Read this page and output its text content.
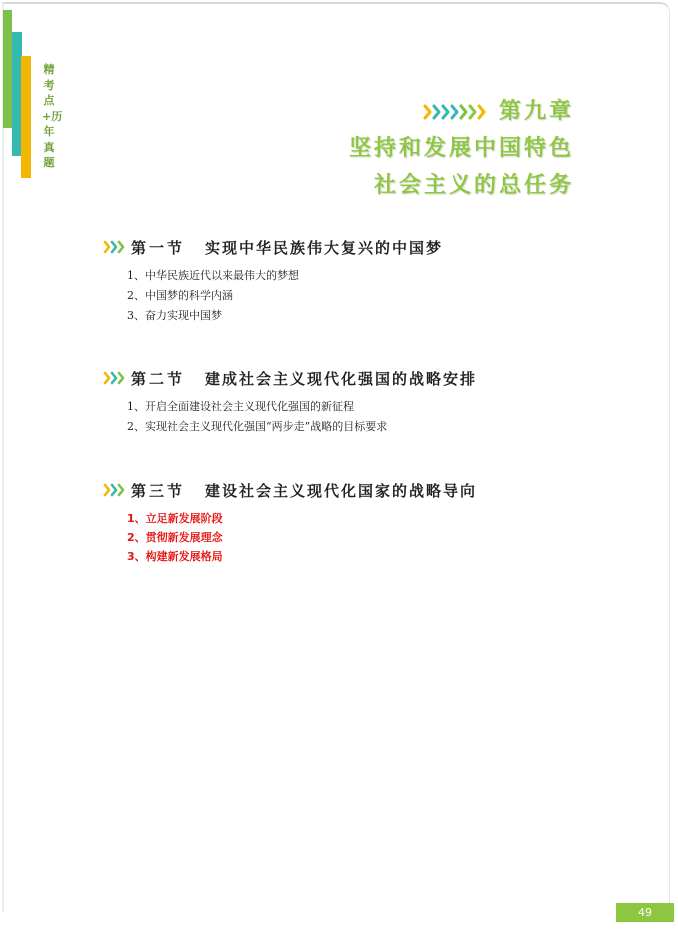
精考点+历年真题
第九章
坚持和发展中国特色
社会主义的总任务
第一节 实现中华民族伟大复兴的中国梦
1、中华民族近代以来最伟大的梦想
2、中国梦的科学内涵
3、奋力实现中国梦
第二节 建成社会主义现代化强国的战略安排
1、开启全面建设社会主义现代化强国的新征程
2、实现社会主义现代化强国“两步走”战略的目标要求
第三节 建设社会主义现代化国家的战略导向
1、立足新发展阶段
2、贯彻新发展理念
3、构建新发展格局
49
